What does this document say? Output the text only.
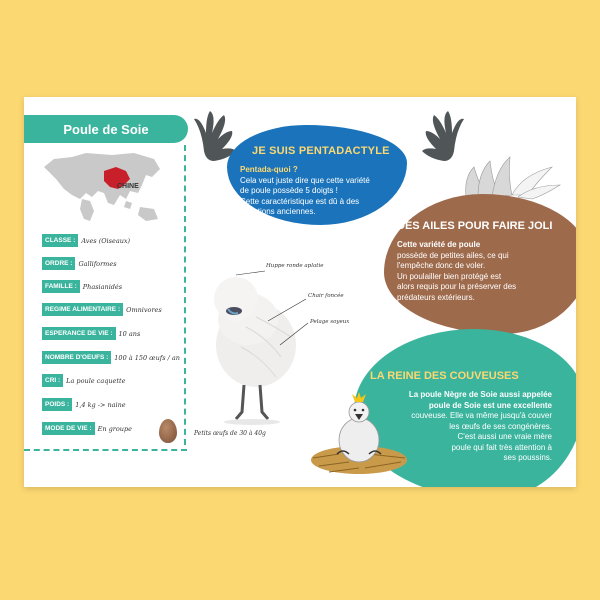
Poule de Soie
CHINE
CLASSE : Aves (Oiseaux)
ORDRE : Galliformes
FAMILLE : Phasianidés
REGIME ALIMENTAIRE : Omnivores
ESPERANCE DE VIE : 10 ans
NOMBRE D'OEUFS : 100 à 150 œufs / an
CRI : La poule caquette
POIDS : 1,4 kg -> naine
MODE DE VIE : En groupe
JE SUIS PENTADACTYLE
Pentada-quoi ?
Cela veut juste dire que cette variété
de poule possède 5 doigts !
Cette caractéristique est dû à des
mutations anciennes.
DES AILES POUR FAIRE JOLI
Cette variété de poule
possède de petites ailes, ce qui
l'empêche donc de voler.
Un poulailler bien protégé est
alors requis pour la préserver des
prédateurs extérieurs.
LA REINE DES COUVEUSES
La poule Nègre de Soie aussi appelée
poule de Soie est une excellente
couveuse. Elle va même jusqu'à couver
les œufs de ses congénères.
C'est aussi une vraie mère
poule qui fait très attention à
ses poussins.
Huppe ronde aplatie
Chair foncée
Pelage soyeux
Petits œufs de 30 à 40g
